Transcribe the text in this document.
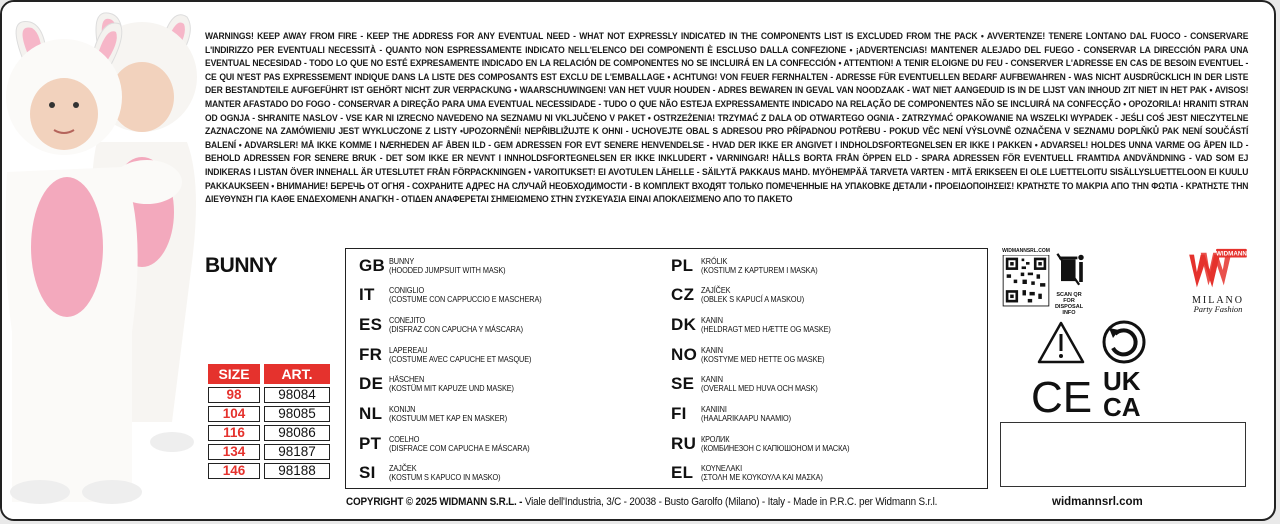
WARNINGS! KEEP AWAY FROM FIRE - KEEP THE ADDRESS FOR ANY EVENTUAL NEED - WHAT NOT EXPRESSLY INDICATED IN THE COMPONENTS LIST IS EXCLUDED FROM THE PACK • AVVERTENZE! TENERE LONTANO DAL FUOCO - CONSERVARE L'INDIRIZZO PER EVENTUALI NECESSITÀ - QUANTO NON ESPRESSAMENTE INDICATO NELL'ELENCO DEI COMPONENTI È ESCLUSO DALLA CONFEZIONE • ¡ADVERTENCIAS! MANTENER ALEJADO DEL FUEGO - CONSERVAR LA DIRECCIÓN PARA UNA EVENTUAL NECESIDAD - TODO LO QUE NO ESTÉ EXPRESAMENTE INDICADO EN LA RELACIÓN DE COMPONENTES NO SE INCLUIRÁ EN LA CONFECCIÓN • ATTENTION! A TENIR ELOIGNE DU FEU - CONSERVER L'ADRESSE EN CAS DE BESOIN EVENTUEL - CE QUI N'EST PAS EXPRESSEMENT INDIQUE DANS LA LISTE DES COMPOSANTS EST EXCLU DE L'EMBALLAGE • ACHTUNG! VON FEUER FERNHALTEN - ADRESSE FÜR EVENTUELLEN BEDARF AUFBEWAHREN - WAS NICHT AUSDRÜCKLICH IN DER LISTE DER BESTANDTEILE AUFGEFÜHRT IST GEHÖRT NICHT ZUR VERPACKUNG • WAARSCHUWINGEN! VAN HET VUUR HOUDEN - ADRES BEWAREN IN GEVAL VAN NOODZAAK - WAT NIET AANGEDUID IS IN DE LIJST VAN INHOUD ZIT NIET IN HET PAK • AVISOS! MANTER AFASTADO DO FOGO - CONSERVAR A DIREÇÃO PARA UMA EVENTUAL NECESSIDADE - TUDO O QUE NÃO ESTEJA EXPRESSAMENTE INDICADO NA RELAÇÃO DE COMPONENTES NÃO SE INCLUIRÁ NA CONFECÇÃO • OPOZORILA! HRANITI STRAN OD OGNJA - SHRANITE NASLOV - VSE KAR NI IZRECNO NAVEDENO NA SEZNAMU NI VKLJUČENO V PAKET • OSTRZEŻENIA! TRZYMAĆ Z DALA OD OTWARTEGO OGNIA - ZATRZYMAĆ OPAKOWANIE NA WSZELKI WYPADEK - JEŚLI COŚ JEST NIECZYTELNE ZAZNACZONE NA ZAMÓWIENIU JEST WYKLUCZONE Z LISTY •UPOZORNĚNÍ! NEPŘIBLIŽUJTE K OHNI - UCHOVEJTE OBAL S ADRESOU PRO PŘÍPADNOU POTŘEBU - POKUD VĚC NENÍ VÝSLOVNĚ OZNAČENA V SEZNAMU DOPLŇKŮ PAK NENÍ SOUČÁSTÍ BALENÍ • ADVARSLER! MÅ IKKE KOMME I NÆRHEDEN AF ÅBEN ILD - GEM ADRESSEN FOR EVT SENERE HENVENDELSE - HVAD DER IKKE ER ANGIVET I INDHOLDSFORTEGNELSEN ER IKKE I PAKKEN • ADVARSEL! HOLDES UNNA VARME OG ÅPEN ILD - BEHOLD ADRESSEN FOR SENERE BRUK - DET SOM IKKE ER NEVNT I INNHOLDSFORTEGNELSEN ER IKKE INKLUDERT • VARNINGAR! HÅLLS BORTA FRÅN ÖPPEN ELD - SPARA ADRESSEN FÖR EVENTUELL FRAMTIDA ANDVÄNDNING - VAD SOM EJ INDIKERAS I LISTAN ÖVER INNEHALL ÄR UTESLUTET FRÅN FÖRPACKNINGEN • VAROITUKSET! EI AVOTULEN LÄHELLE - SÄILYTÄ PAKKAUS MAHD. MYÖHEMPÄÄ TARVETA VARTEN - MITÄ ERIKSEEN EI OLE LUETTELOITU SISÄLLYSLUETTELOON EI KUULU PAKKAUKSEEN • ВНИМАНИЕ! БЕРЕЧЬ ОТ ОГНЯ - СОХРАНИТЕ АДРЕС НА СЛУЧАЙ НЕОБХОДИМОСТИ - В КОМПЛЕКТ ВХОДЯТ ТОЛЬКО ПОМЕЧЕННЫЕ НА УПАКОВКЕ ДЕТАЛИ • ΠΡΟΕΙΔΟΠΟΙΗΣΕΙΣ! ΚΡΑΤΗΣΤΕ ΤΟ ΜΑΚΡΙΑ ΑΠΟ ΤΗΝ ΦΩΤΙΑ - ΚΡΑΤΗΣΤΕ ΤΗΝ ΔΙΕΥΘΥΝΣΗ ΓΙΑ ΚΑΘΕ ΕΝΔΕΧΟΜΕΝΗ ΑΝΑΓΚΗ - ΟΤΙΔΕΝ ΑΝΑΦΕΡΕΤΑΙ ΣΗΜΕΙΩΜΕΝΟ ΣΤΗΝ ΣΥΣΚΕΥΑΣΙΑ ΕΙΝΑΙ ΑΠΟΚΛΕΙΣΜΕΝΟ ΑΠΟ ΤΟ ΠΑΚΕΤΟ
BUNNY
SIZE	ART.
98	98084
104	98085
116	98086
134	98187
146	98188
GB BUNNY
(HOODED JUMPSUIT WITH MASK)
IT	CONIGLIO
(COSTUME CON CAPPUCCIO E MASCHERA)
ES CONEJITO
(DISFRAZ CON CAPUCHA Y MÁSCARA)
FR LAPEREAU
(COSTUME AVEC CAPUCHE ET MASQUE)
DE HÄSCHEN
(KOSTÜM MIT KAPUZE UND MASKE)
NL KONIJN
(KOSTUUM MET KAP EN MASKER)
PT COELHO
(DISFRACE COM CAPUCHA E MÁSCARA)
SI	ZAJČEK
(KOSTUM S KAPUCO IN MASKO)
PL KRÓLIK
(KOSTIUM Z KAPTUREM I MASKA)
CZ ZAJÍČEK
(OBLEK S KAPUCÍ A MASKOU)
DK KANIN
(HELDRAGT MED HÆTTE OG MASKE)
NO KANIN
(KOSTYME MED HETTE OG MASKE)
SE KANIN
(OVERALL MED HUVA OCH MASK)
FI	KANIINI
(HAALARIKAAPU NAAMIO)
RU КРОЛИК
(КОМБИНЕЗОН С КАПЮШОНОМ И МАСКА)
EL ΚΟΥΝΕΛΑΚΙ
(ΣΤΟΛΗ ΜΕ ΚΟΥΚΟΥΛΑ ΚΑΙ ΜΑΣΚΑ)
COPYRIGHT © 2025 WIDMANN S.R.L. - Viale dell'Industria, 3/C - 20038 - Busto Garolfo (Milano) - Italy - Made in P.R.C. per Widmann S.r.l.	widmannsrl.com
WIDMANNSRL.COM
SCAN QR FOR
DISPOSAL INFO
WIDMANN
MILANO
Party Fashion
CE UK
CA
